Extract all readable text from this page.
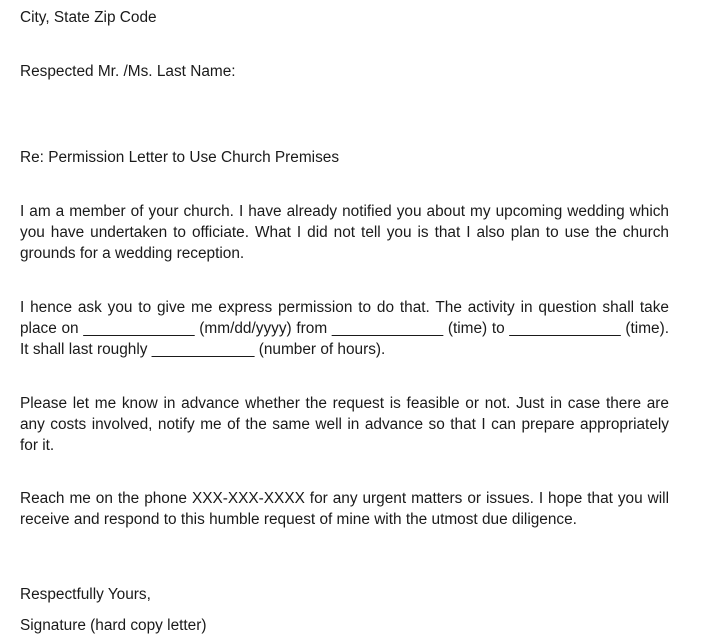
City, State Zip Code
Respected Mr. /Ms. Last Name:
Re: Permission Letter to Use Church Premises
I am a member of your church. I have already notified you about my upcoming wedding which you have undertaken to officiate. What I did not tell you is that I also plan to use the church grounds for a wedding reception.
I hence ask you to give me express permission to do that. The activity in question shall take place on _____________ (mm/dd/yyyy) from _____________ (time) to _____________ (time). It shall last roughly ____________ (number of hours).
Please let me know in advance whether the request is feasible or not. Just in case there are any costs involved, notify me of the same well in advance so that I can prepare appropriately for it.
Reach me on the phone XXX-XXX-XXXX for any urgent matters or issues. I hope that you will receive and respond to this humble request of mine with the utmost due diligence.
Respectfully Yours,
Signature (hard copy letter)
